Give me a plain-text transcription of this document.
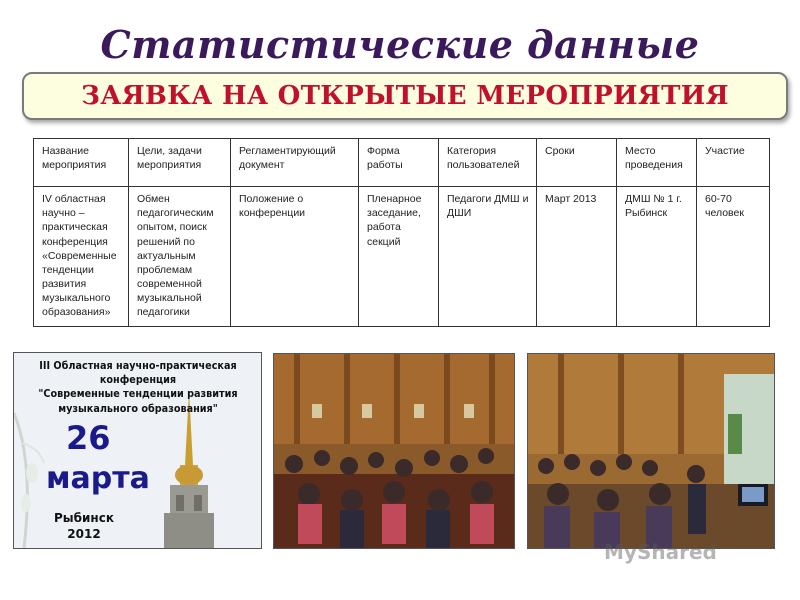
Статистические данные
ЗАЯВКА НА ОТКРЫТЫЕ МЕРОПРИЯТИЯ
Название мероприятия	Цели, задачи мероприятия	Регламентирующий документ	Форма работы	Категория пользователей	Сроки	Место проведения	Участие
IV областная научно – практическая конференция «Современные тенденции развития музыкального образования»	Обмен педагогическим опытом, поиск решений по актуальным проблемам современной музыкальной педагогики	Положение о конференции	Пленарное заседание, работа секций	Педагоги ДМШ и ДШИ	Март 2013	ДМШ № 1 г. Рыбинск	60-70 человек
III Областная научно-практическая конференция
"Современные тенденции развития
музыкального образования"
26
марта
Рыбинск
2012
MyShared
